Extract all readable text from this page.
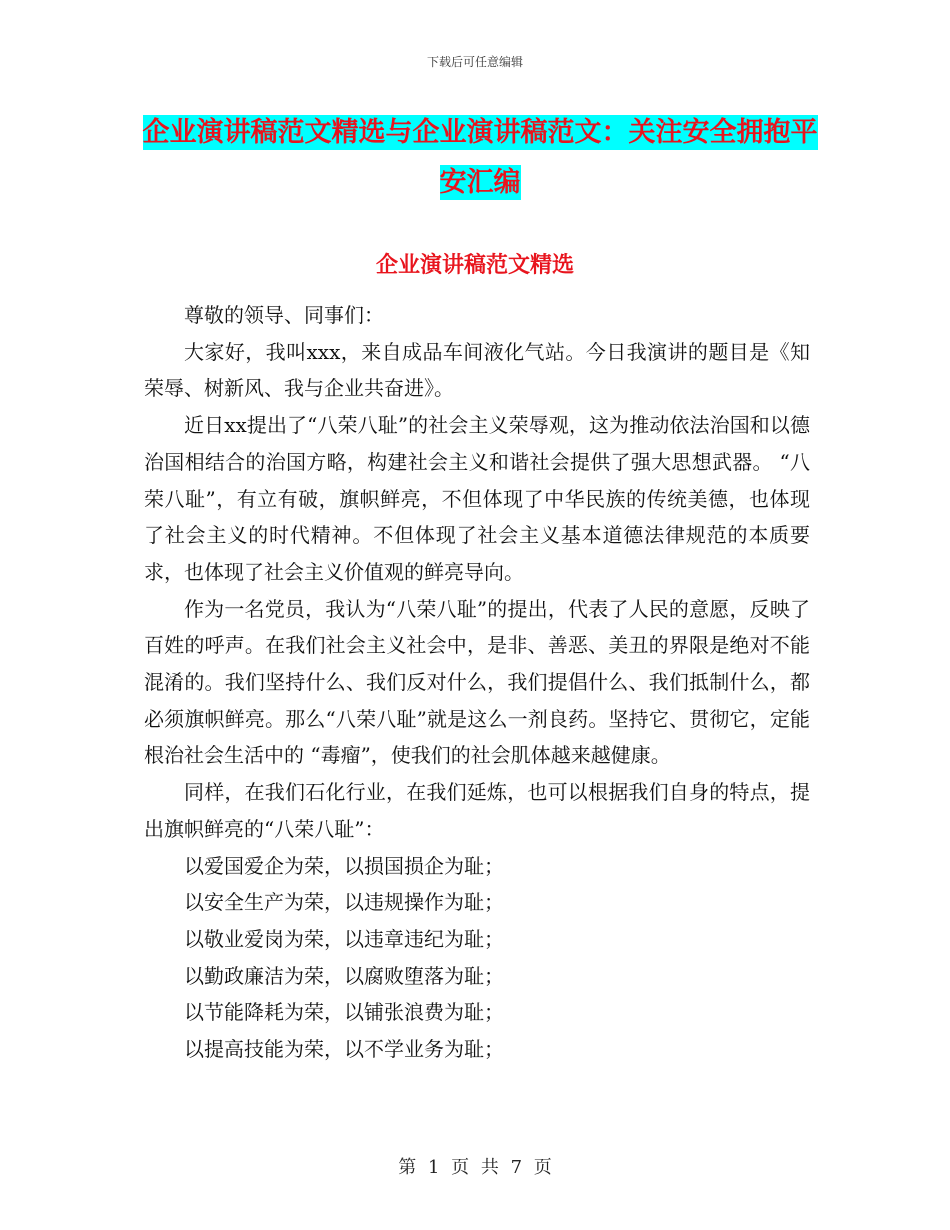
下载后可任意编辑
企业演讲稿范文精选与企业演讲稿范文：关注安全拥抱平安汇编
企业演讲稿范文精选

尊敬的领导、同事们：

大家好，我叫xxx，来自成品车间液化气站。今日我演讲的题目是《知荣辱、树新风、我与企业共奋进》。

近日xx提出了“八荣八耻”的社会主义荣辱观，这为推动依法治国和以德治国相结合的治国方略，构建社会主义和谐社会提供了强大思想武器。 “八荣八耻”，有立有破，旗帜鲜亮，不但体现了中华民族的传统美德，也体现了社会主义的时代精神。不但体现了社会主义基本道德法律规范的本质要求，也体现了社会主义价值观的鲜亮导向。

作为一名党员，我认为“八荣八耻”的提出，代表了人民的意愿，反映了百姓的呼声。在我们社会主义社会中，是非、善恶、美丑的界限是绝对不能混淆的。我们坚持什么、我们反对什么，我们提倡什么、我们抵制什么，都必须旗帜鲜亮。那么“八荣八耻”就是这么一剂良药。坚持它、贯彻它，定能根治社会生活中的 “毒瘤”，使我们的社会肌体越来越健康。

同样，在我们石化行业，在我们延炼，也可以根据我们自身的特点，提出旗帜鲜亮的“八荣八耻”：

以爱国爱企为荣，以损国损企为耻；

以安全生产为荣，以违规操作为耻；

以敬业爱岗为荣，以违章违纪为耻；

以勤政廉洁为荣，以腐败堕落为耻；

以节能降耗为荣，以铺张浪费为耻；

以提高技能为荣，以不学业务为耻；

第 1 页 共 7 页
